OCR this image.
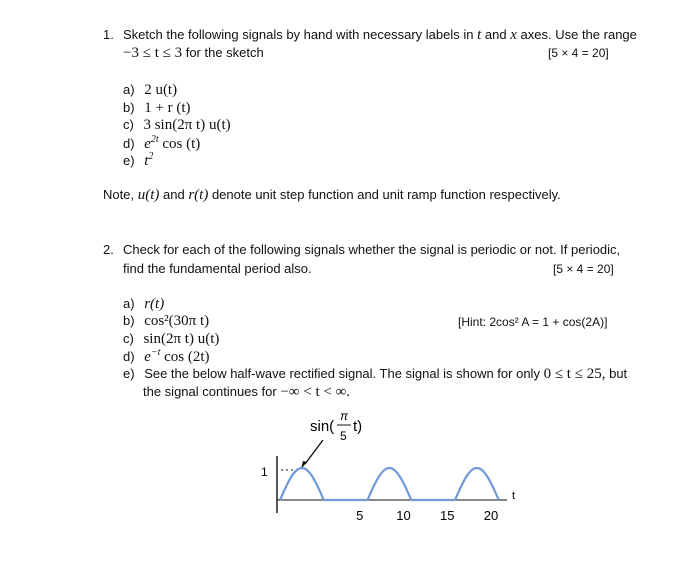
1. Sketch the following signals by hand with necessary labels in t and x axes. Use the range
−3 ≤ t ≤ 3 for the sketch	[5 × 4 = 20]
a) 2 u(t)
b) 1 + r (t)
c) 3 sin(2π t) u(t)
d) $e^{2t}$ cos (t)
e) $t^2$
Note, u(t) and r(t) denote unit step function and unit ramp function respectively.
2. Check for each of the following signals whether the signal is periodic or not. If periodic,
find the fundamental period also.	[5 × 4 = 20]
a) r(t)
b) cos²(30π t)
c) sin(2π t) u(t)
d) $e^{-t}$ cos (2t)
[Hint: 2cos² A = 1 + cos(2A)]
e) See the below half-wave rectified signal. The signal is shown for only 0 ≤ t ≤ 25, but
the signal continues for −∞ < t < ∞.
sin(
π
5
t)
1
5	10 15 20
t
